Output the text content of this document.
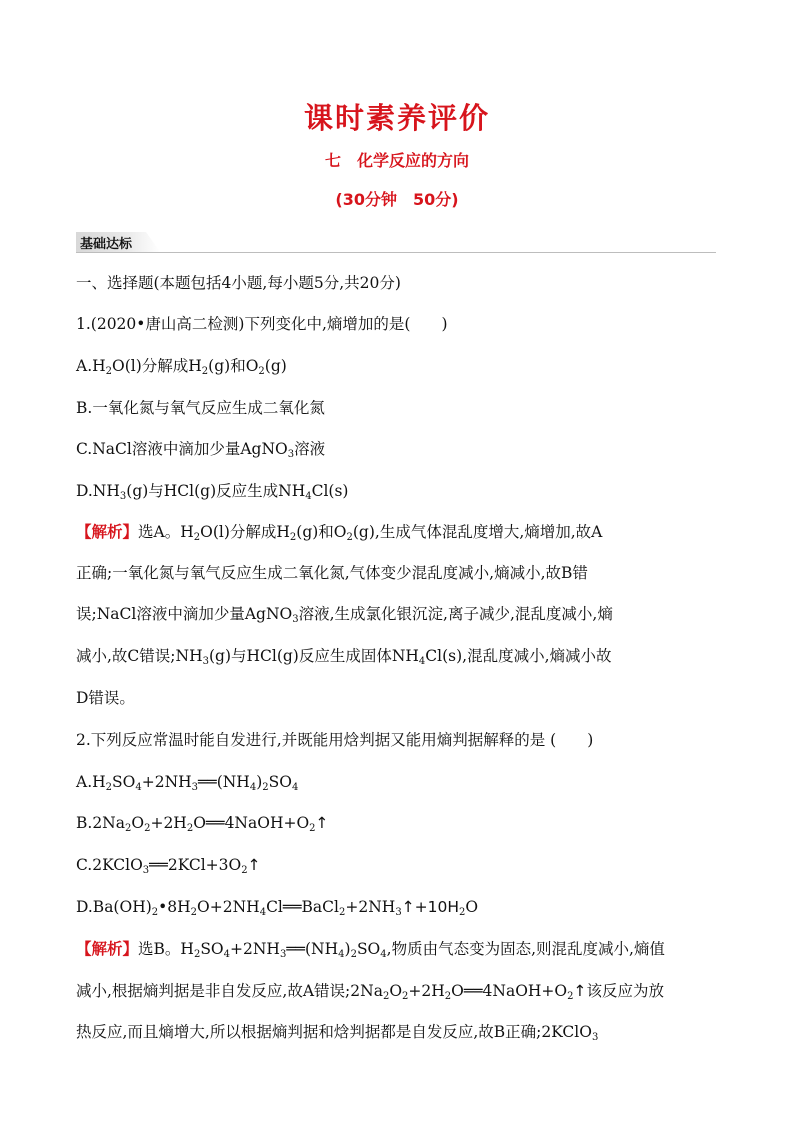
课时素养评价
七　化学反应的方向
(30分钟　50分)
基础达标
一、选择题(本题包括4小题,每小题5分,共20分)
1.(2020•唐山高二检测)下列变化中,熵增加的是(　　)
$A.H_2O(l)$分解成$H_2(g)$和$O_2(g)$
B.一氧化氮与氧气反应生成二氧化氮
C.NaCl溶液中滴加少量AgNO$_3$溶液
$D.NH_3(g)$与HCl(g)反应生成$NH_4Cl(s)$
【解析】选A。$H_2O(l)$分解成$H_2(g)$和$O_2(g)$,生成气体混乱度增大,熵增加,故A
正确;一氧化氮与氧气反应生成二氧化氮,气体变少混乱度减小,熵减小,故B错
误;NaCl溶液中滴加少量AgNO$_3$溶液,生成氯化银沉淀,离子减少,混乱度减小,熵
减小,故C错误$;NH_3(g)$与HCl(g)反应生成固体$NH_4Cl(s)$,混乱度减小,熵减小故
D错误。
2.下列反应常温时能自发进行,并既能用焓判据又能用熵判据解释的是 (　　)
$A.H_2SO_4+2NH_3══(NH_4)_2SO_4$
$B.2Na_2O_2+2H_2O══4NaOH+O_2↑$
$C.2KClO_3══2KCl+3O_2↑$
$D.Ba(OH)_2•8H_2O+2NH_4Cl══BaCl_2+2NH_3↑+10H_2O$
【解析】选B。$H_2SO_4+2NH_3══(NH_4)_2SO_4$,物质由气态变为固态,则混乱度减小,熵值
减小,根据熵判据是非自发反应,故A错误$;2Na_2O_2+2H_2O══4NaOH+O_2↑$该反应为放
热反应,而且熵增大,所以根据熵判据和焓判据都是自发反应,故B正确;2KClO$_3$
